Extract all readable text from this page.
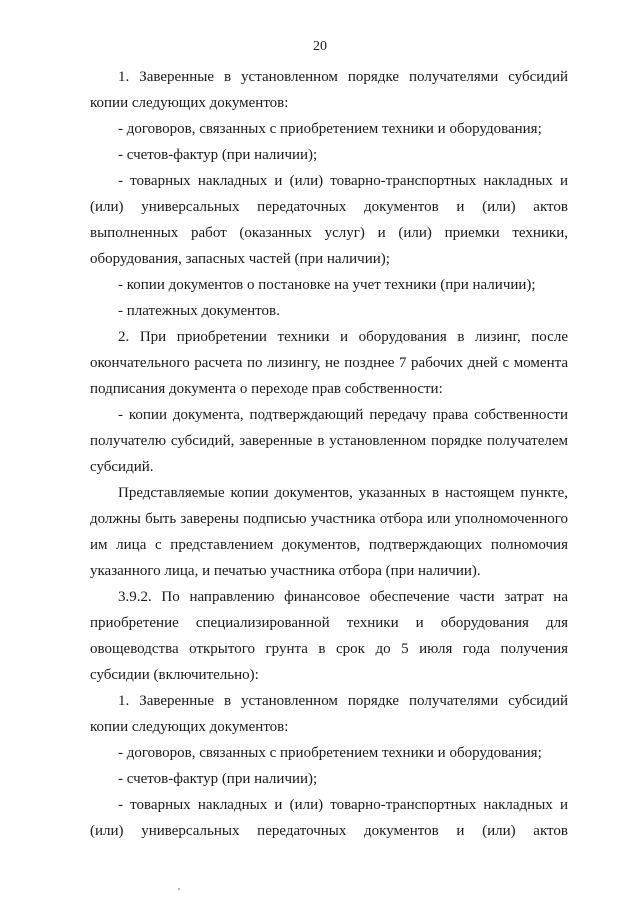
20

1. Заверенные в установленном порядке получателями субсидий копии следующих документов:

- договоров, связанных с приобретением техники и оборудования;

- счетов-фактур (при наличии);

- товарных накладных и (или) товарно-транспортных накладных и (или) универсальных передаточных документов и (или) актов выполненных работ (оказанных услуг) и (или) приемки техники, оборудования, запасных частей (при наличии);

- копии документов о постановке на учет техники (при наличии);

- платежных документов.

2. При приобретении техники и оборудования в лизинг, после окончательного расчета по лизингу, не позднее 7 рабочих дней с момента подписания документа о переходе прав собственности:

- копии документа, подтверждающий передачу права собственности получателю субсидий, заверенные в установленном порядке получателем субсидий.

Представляемые копии документов, указанных в настоящем пункте, должны быть заверены подписью участника отбора или уполномоченного им лица с представлением документов, подтверждающих полномочия указанного лица, и печатью участника отбора (при наличии).

3.9.2. По направлению финансовое обеспечение части затрат на приобретение специализированной техники и оборудования для овощеводства открытого грунта в срок до 5 июля года получения субсидии (включительно):

1. Заверенные в установленном порядке получателями субсидий копии следующих документов:

- договоров, связанных с приобретением техники и оборудования;

- счетов-фактур (при наличии);

- товарных накладных и (или) товарно-транспортных накладных и (или) универсальных передаточных документов и (или) актов
